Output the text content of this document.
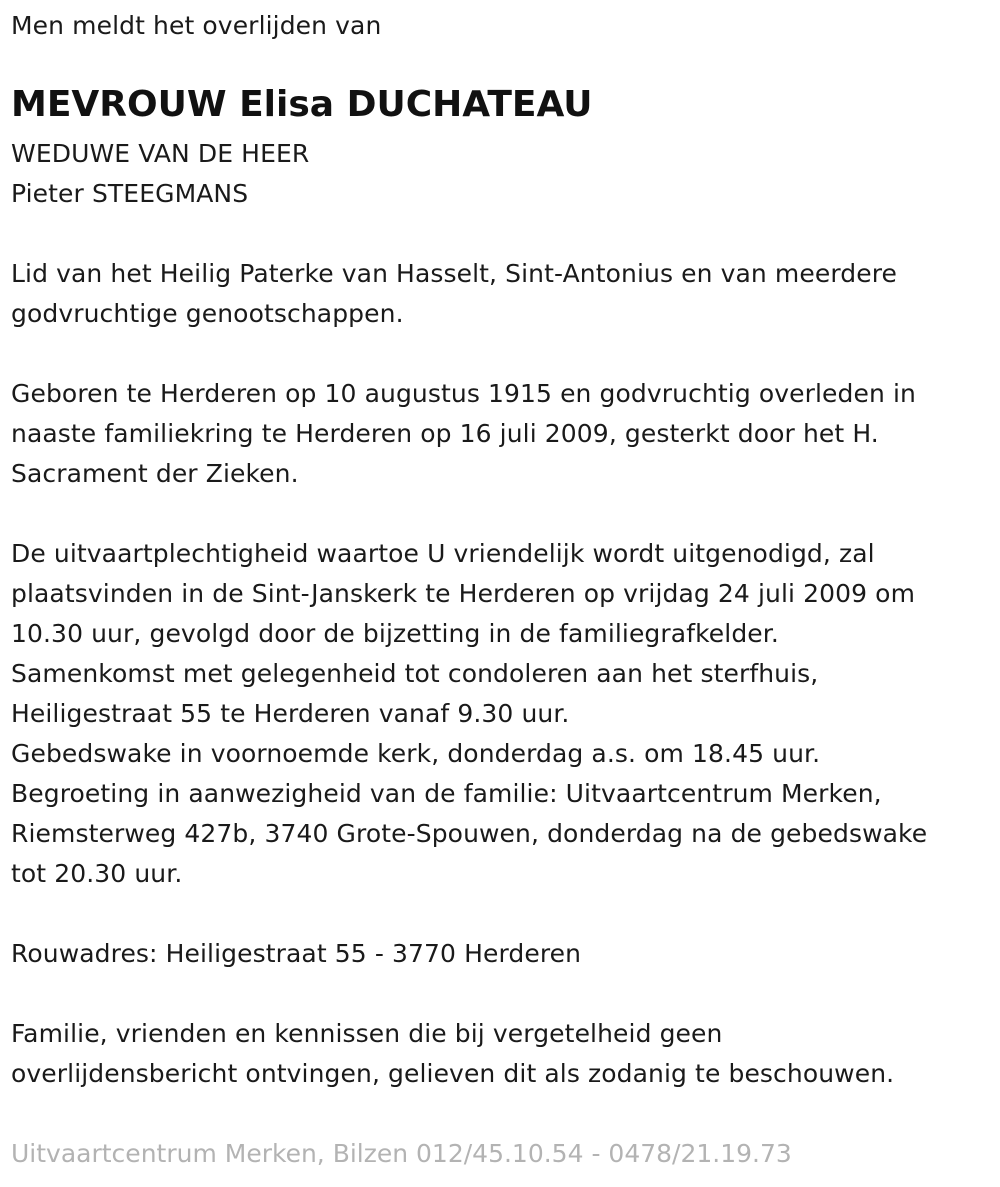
Men meldt het overlijden van
MEVROUW Elisa DUCHATEAU
WEDUWE VAN DE HEER
Pieter STEEGMANS
Lid van het Heilig Paterke van Hasselt, Sint-Antonius en van meerdere
godvruchtige genootschappen.
Geboren te Herderen op 10 augustus 1915 en godvruchtig overleden in
naaste familiekring te Herderen op 16 juli 2009, gesterkt door het H.
Sacrament der Zieken.
De uitvaartplechtigheid waartoe U vriendelijk wordt uitgenodigd, zal
plaatsvinden in de Sint-Janskerk te Herderen op vrijdag 24 juli 2009 om
10.30 uur, gevolgd door de bijzetting in de familiegrafkelder.
Samenkomst met gelegenheid tot condoleren aan het sterfhuis,
Heiligestraat 55 te Herderen vanaf 9.30 uur.
Gebedswake in voornoemde kerk, donderdag a.s. om 18.45 uur.
Begroeting in aanwezigheid van de familie: Uitvaartcentrum Merken,
Riemsterweg 427b, 3740 Grote-Spouwen, donderdag na de gebedswake
tot 20.30 uur.
Rouwadres: Heiligestraat 55 - 3770 Herderen
Familie, vrienden en kennissen die bij vergetelheid geen
overlijdensbericht ontvingen, gelieven dit als zodanig te beschouwen.
Uitvaartcentrum Merken, Bilzen 012/45.10.54 - 0478/21.19.73
